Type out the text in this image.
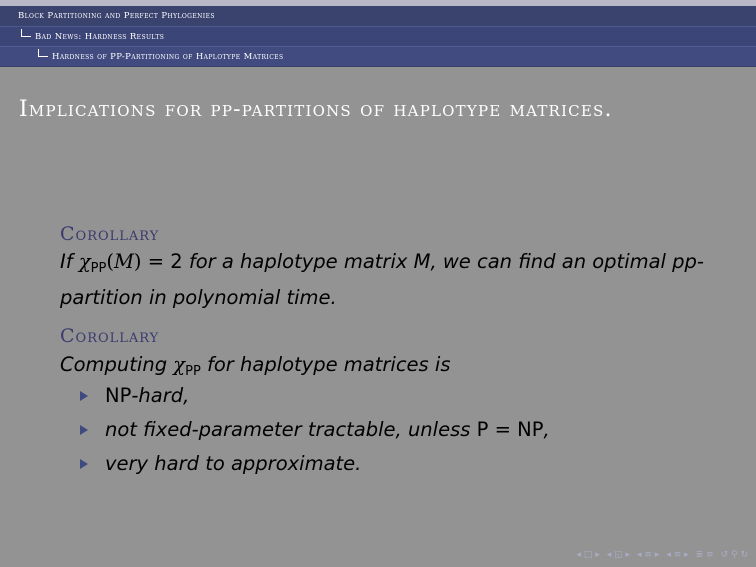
Block Partitioning and Perfect Phylogenies
Bad News: Hardness Results
Hardness of PP-Partitioning of Haplotype Matrices
Implications for pp-partitions of haplotype matrices.
Corollary
If $\chi_{PP}(M) = 2$ for a haplotype matrix M, we can find an optimal pp-partition in polynomial time.
Corollary
Computing $\chi_{PP}$ for haplotype matrices is
NP-hard,
not fixed-parameter tractable, unless P = NP,
very hard to approximate.
◂ □ ▸ ◂ ◱ ▸ ◂ ≡ ▸ ◂ ≡ ▸ ≣ ≡ ↺ ⚲ ↻
